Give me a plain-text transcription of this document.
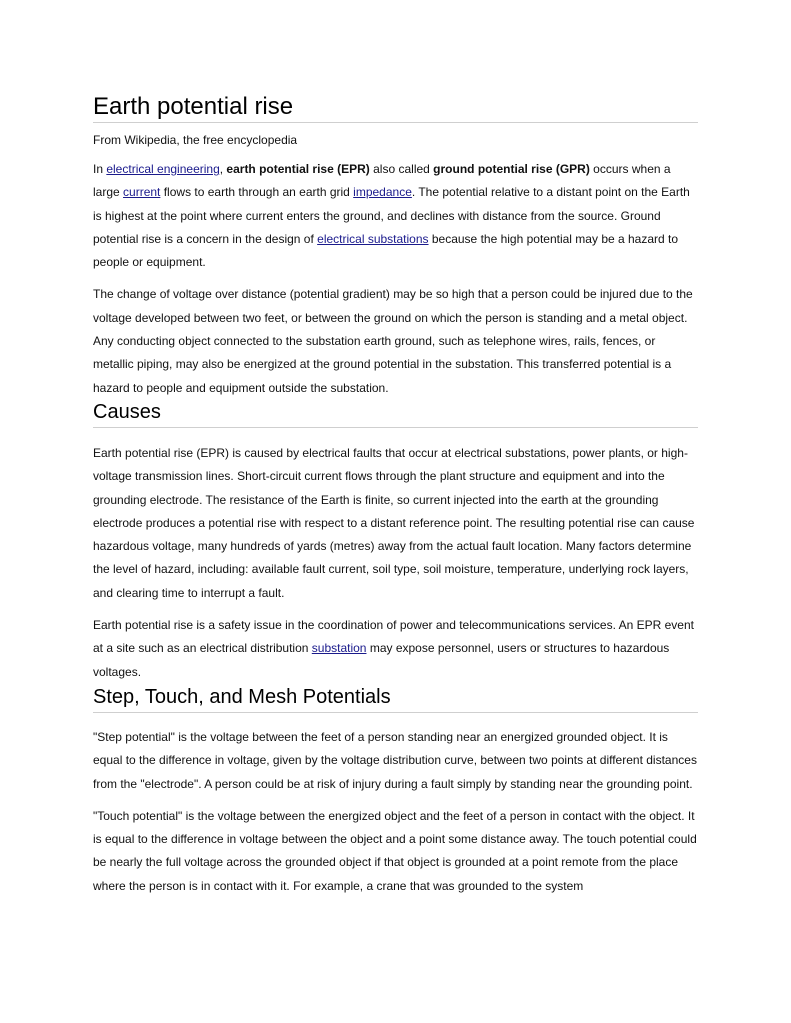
Earth potential rise
From Wikipedia, the free encyclopedia

In electrical engineering, earth potential rise (EPR) also called ground potential rise (GPR) occurs when a large current flows to earth through an earth grid impedance. The potential relative to a distant point on the Earth is highest at the point where current enters the ground, and declines with distance from the source. Ground potential rise is a concern in the design of electrical substations because the high potential may be a hazard to people or equipment.

The change of voltage over distance (potential gradient) may be so high that a person could be injured due to the voltage developed between two feet, or between the ground on which the person is standing and a metal object. Any conducting object connected to the substation earth ground, such as telephone wires, rails, fences, or metallic piping, may also be energized at the ground potential in the substation. This transferred potential is a hazard to people and equipment outside the substation.

Causes

Earth potential rise (EPR) is caused by electrical faults that occur at electrical substations, power plants, or high-voltage transmission lines. Short-circuit current flows through the plant structure and equipment and into the grounding electrode. The resistance of the Earth is finite, so current injected into the earth at the grounding electrode produces a potential rise with respect to a distant reference point. The resulting potential rise can cause hazardous voltage, many hundreds of yards (metres) away from the actual fault location. Many factors determine the level of hazard, including: available fault current, soil type, soil moisture, temperature, underlying rock layers, and clearing time to interrupt a fault.

Earth potential rise is a safety issue in the coordination of power and telecommunications services. An EPR event at a site such as an electrical distribution substation may expose personnel, users or structures to hazardous voltages.

Step, Touch, and Mesh Potentials

"Step potential" is the voltage between the feet of a person standing near an energized grounded object. It is equal to the difference in voltage, given by the voltage distribution curve, between two points at different distances from the "electrode". A person could be at risk of injury during a fault simply by standing near the grounding point.

"Touch potential" is the voltage between the energized object and the feet of a person in contact with the object. It is equal to the difference in voltage between the object and a point some distance away. The touch potential could be nearly the full voltage across the grounded object if that object is grounded at a point remote from the place where the person is in contact with it. For example, a crane that was grounded to the system
